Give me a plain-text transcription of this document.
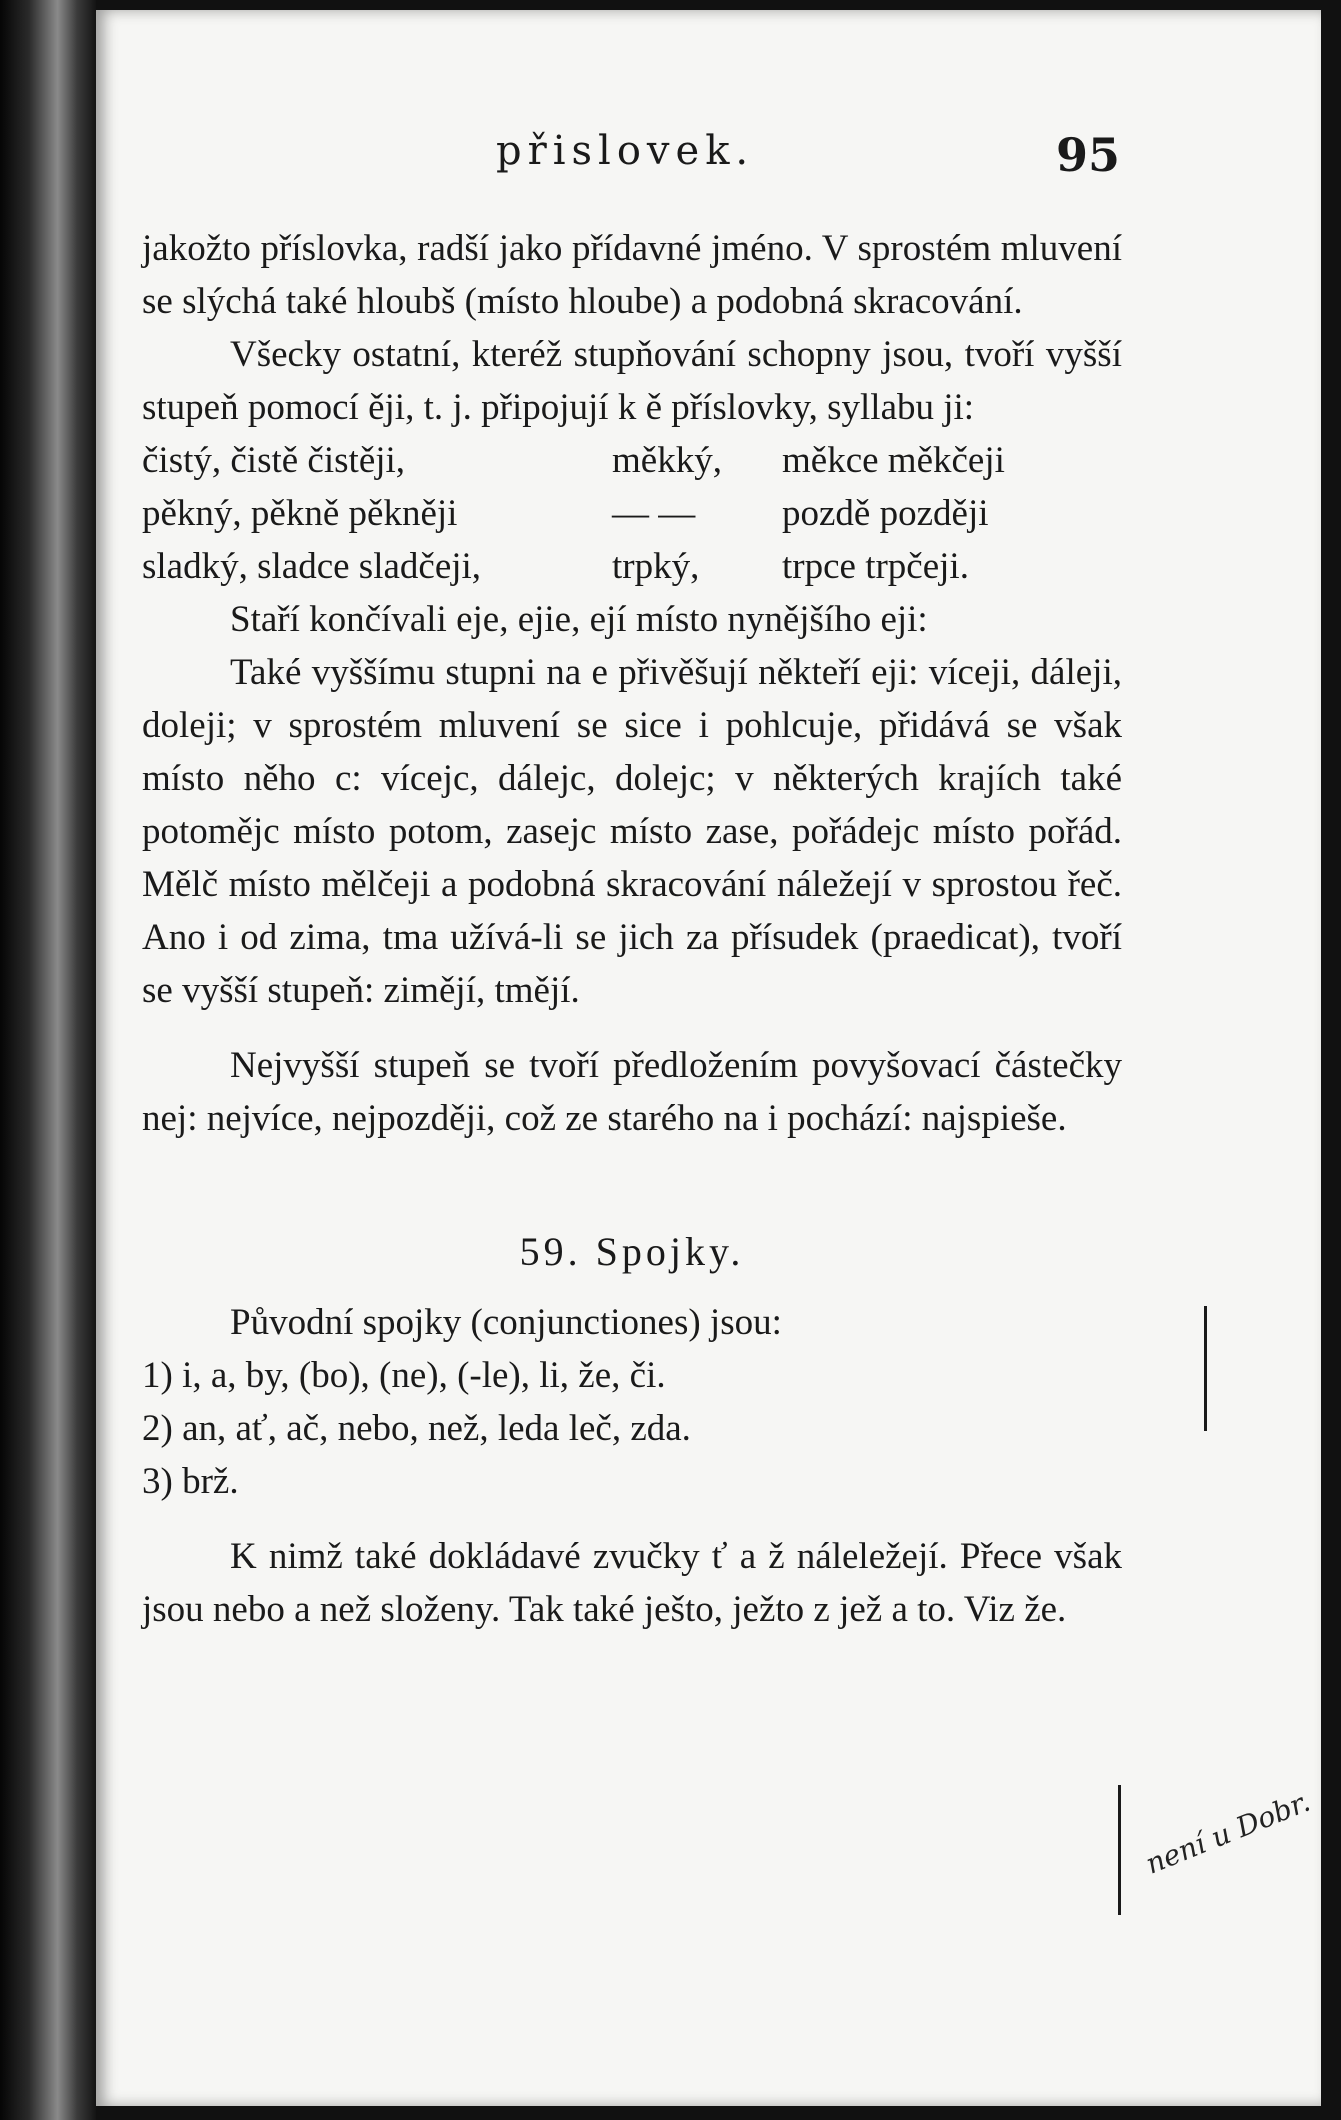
přislovek.	95

jakožto příslovka, radší jako přídavné jméno. V sprostém mluvení se slýchá také hloubš (místo hloube) a podobná skracování.

Všecky ostatní, kteréž stupňování schopny jsou, tvoří vyšší stupeň pomocí ěji, t. j. připojují k ě příslovky, syllabu ji:

čistý, čistě čistěji,	měkký,	měkce měkčeji
pěkný, pěkně pěkněji	— —	pozdě později
sladký, sladce sladčeji,	trpký,	trpce trpčeji.

Staří končívali eje, ejie, ejí místo nynějšího eji:

Také vyššímu stupni na e přivěšují někteří eji: víceji, dáleji, doleji; v sprostém mluvení se sice i pohlcuje, přidává se však místo něho c: vícejc, dálejc, dolejc; v některých krajích také potomějc místo potom, zasejc místo zase, pořádejc místo pořád. Mělč místo mělčeji a podobná skracování náležejí v sprostou řeč. Ano i od zima, tma užívá-li se jich za přísudek (praedicat), tvoří se vyšší stupeň: zimějí, tmějí.

Nejvyšší stupeň se tvoří předložením povyšovací částečky nej: nejvíce, nejpozději, což ze starého na i pochází: najspieše.

59. Spojky.

Původní spojky (conjunctiones) jsou:

1) i, a, by, (bo), (ne), (-le), li, že, či.
2) an, ať, ač, nebo, než, leda leč, zda.
3) brž.

K nimž také dokládavé zvučky ť a ž náleležejí. Přece však jsou nebo a než složeny. Tak také ješto, ježto z jež a to. Viz že.

není u Dobr.
